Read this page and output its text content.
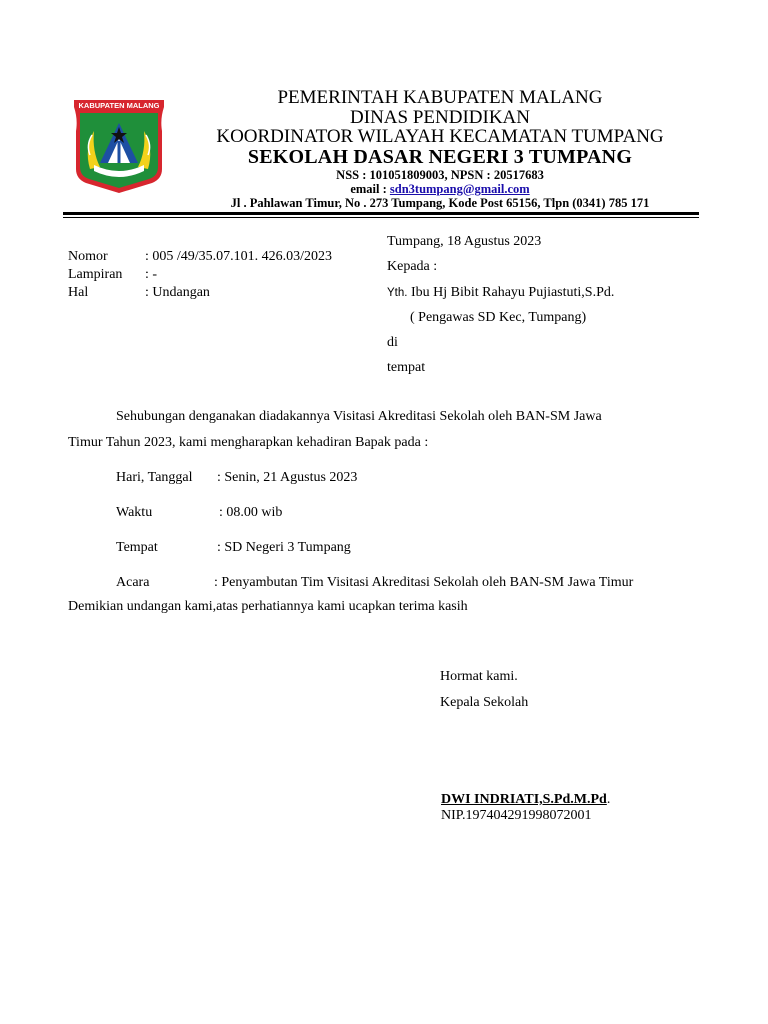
KABUPATEN MALANG	PEMERINTAH KABUPATEN MALANG
DINAS PENDIDIKAN
KOORDINATOR WILAYAH KECAMATAN TUMPANG
SEKOLAH DASAR NEGERI 3 TUMPANG
NSS : 101051809003, NPSN : 20517683
email : sdn3tumpang@gmail.com
Jl . Pahlawan Timur, No . 273 Tumpang, Kode Post 65156, Tlpn (0341) 785 171
Nomor	: 005 /49/35.07.101. 426.03/2023
Lampiran : -
Hal	: Undangan
Tumpang, 18 Agustus 2023
Kepada :
Yth. Ibu Hj Bibit Rahayu Pujiastuti,S.Pd.
( Pengawas SD Kec, Tumpang)
di
tempat
Sehubungan denganakan diadakannya Visitasi Akreditasi Sekolah oleh BAN-SM Jawa
Timur Tahun 2023, kami mengharapkan kehadiran Bapak pada :
Hari, Tanggal : Senin, 21 Agustus 2023
Waktu	: 08.00 wib
Tempat	: SD Negeri 3 Tumpang
Acara	: Penyambutan Tim Visitasi Akreditasi Sekolah oleh BAN-SM Jawa Timur
Demikian undangan kami,atas perhatiannya kami ucapkan terima kasih
Hormat kami.
Kepala Sekolah
DWI INDRIATI,S.Pd.M.Pd.
NIP.197404291998072001
